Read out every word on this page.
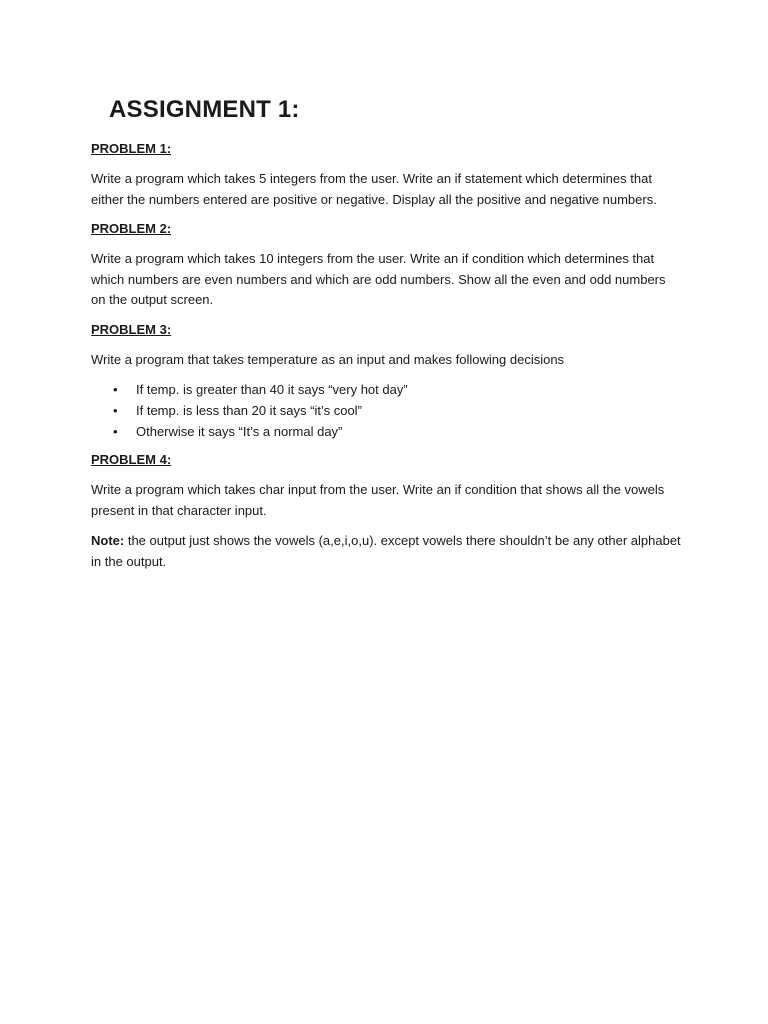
ASSIGNMENT 1:
PROBLEM 1:

Write a program which takes 5 integers from the user. Write an if statement which determines that either the numbers entered are positive or negative. Display all the positive and negative numbers.

PROBLEM 2:

Write a program which takes 10 integers from the user. Write an if condition which determines that which numbers are even numbers and which are odd numbers. Show all the even and odd numbers on the output screen.

PROBLEM 3:

Write a program that takes temperature as an input and makes following decisions

• If temp. is greater than 40 it says “very hot day”
• If temp. is less than 20 it says “it’s cool”
• Otherwise it says “It’s a normal day”
PROBLEM 4:

Write a program which takes char input from the user. Write an if condition that shows all the vowels present in that character input.

Note: the output just shows the vowels (a,e,i,o,u). except vowels there shouldn’t be any other alphabet in the output.
